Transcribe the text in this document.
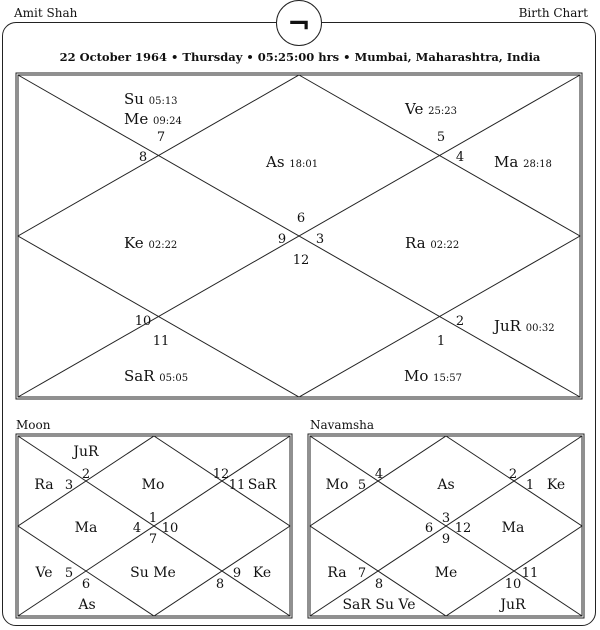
Amit Shah	Birth Chart
¬
22 October 1964 • Thursday • 05:25:00 hrs • Mumbai, Maharashtra, India
Moon	Navamsha
6
3
12
9
5
4
2
1
11
10
8
7
Su 05:13
Me 09:24
Ve 25:23
As 18:01	Ma 28:18
Ke 02:22	Ra 02:22
JuR 00:32
SaR 05:05	Mo 15:57
1
10
7
4
2
3
12
11
5
6	8
9
JuR
Ra	Mo	SaR
Ma
Ve
As
Su Me	Ke
3
12
9
6
4
5
2
1
7
8	10
11
Mo	As	Ke
Ma
Ra	Me
SaR Su Ve	JuR
